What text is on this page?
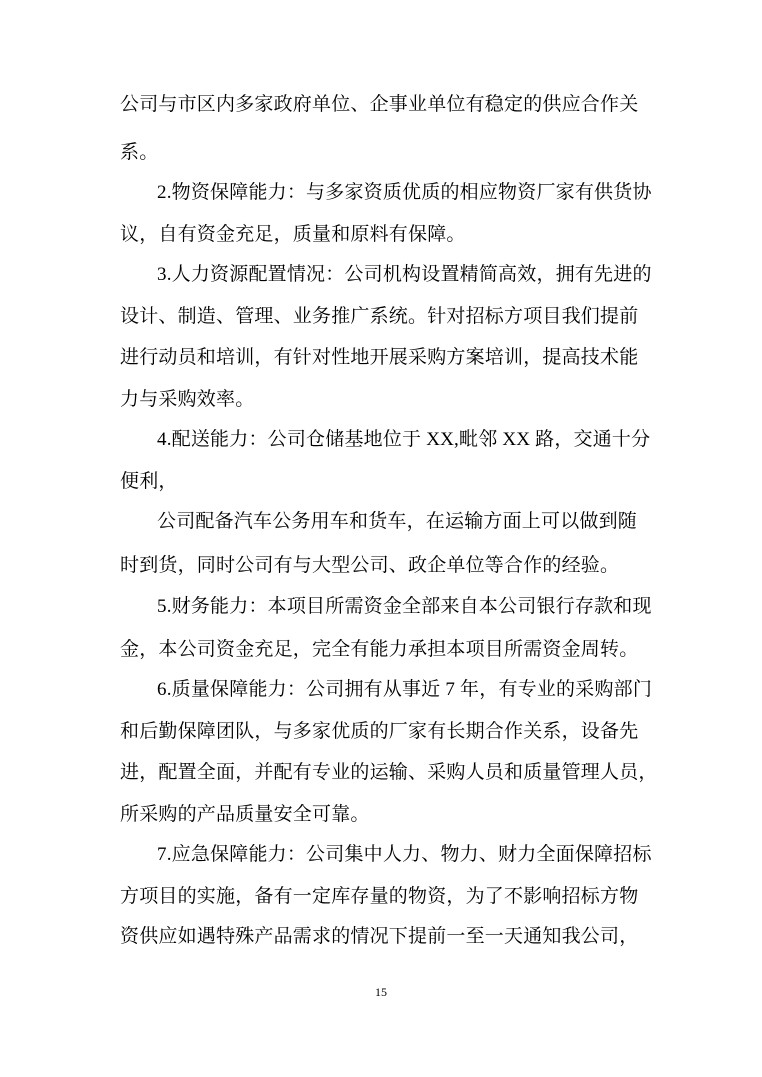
公司与市区内多家政府单位、企事业单位有稳定的供应合作关
系。
2.物资保障能力：与多家资质优质的相应物资厂家有供货协
议，自有资金充足，质量和原料有保障。
3.人力资源配置情况：公司机构设置精简高效，拥有先进的
设计、制造、管理、业务推广系统。针对招标方项目我们提前
进行动员和培训，有针对性地开展采购方案培训，提高技术能
力与采购效率。
4.配送能力：公司仓储基地位于 XX,毗邻 XX 路，交通十分
便利，
公司配备汽车公务用车和货车，在运输方面上可以做到随
时到货，同时公司有与大型公司、政企单位等合作的经验。
5.财务能力：本项目所需资金全部来自本公司银行存款和现
金，本公司资金充足，完全有能力承担本项目所需资金周转。
6.质量保障能力：公司拥有从事近 7 年，有专业的采购部门
和后勤保障团队，与多家优质的厂家有长期合作关系，设备先
进，配置全面，并配有专业的运输、采购人员和质量管理人员，
所采购的产品质量安全可靠。
7.应急保障能力：公司集中人力、物力、财力全面保障招标
方项目的实施，备有一定库存量的物资，为了不影响招标方物
资供应如遇特殊产品需求的情况下提前一至一天通知我公司，
15
